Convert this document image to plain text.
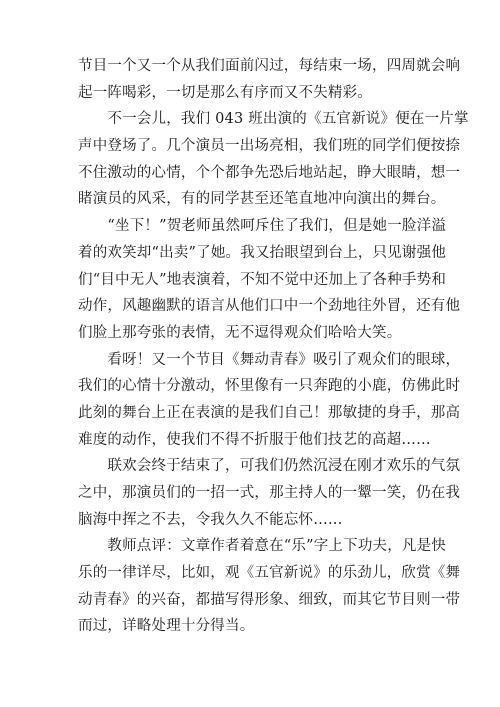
节目一个又一个从我们面前闪过，每结束一场，四周就会响

起一阵喝彩，一切是那么有序而又不失精彩。

　　不一会儿，我们 043 班出演的《五官新说》便在一片掌

声中登场了。几个演员一出场亮相，我们班的同学们便按捺

不住激动的心情，个个都争先恐后地站起，睁大眼睛，想一

睹演员的风采，有的同学甚至还笔直地冲向演出的舞台。

　　“坐下！”贺老师虽然呵斥住了我们，但是她一脸洋溢

着的欢笑却“出卖”了她。我又抬眼望到台上，只见谢强他

们“目中无人”地表演着，不知不觉中还加上了各种手势和

动作，风趣幽默的语言从他们口中一个劲地往外冒，还有他

们脸上那夸张的表情，无不逗得观众们哈哈大笑。

　　看呀！又一个节目《舞动青春》吸引了观众们的眼球，

我们的心情十分激动，怀里像有一只奔跑的小鹿，仿佛此时

此刻的舞台上正在表演的是我们自己！那敏捷的身手，那高

难度的动作，使我们不得不折服于他们技艺的高超……

　　联欢会终于结束了，可我们仍然沉浸在刚才欢乐的气氛

之中，那演员们的一招一式，那主持人的一颦一笑，仍在我

脑海中挥之不去，令我久久不能忘怀……

　　教师点评：文章作者着意在“乐”字上下功夫，凡是快

乐的一律详尽，比如，观《五官新说》的乐劲儿，欣赏《舞

动青春》的兴奋，都描写得形象、细致，而其它节目则一带

而过，详略处理十分得当。
